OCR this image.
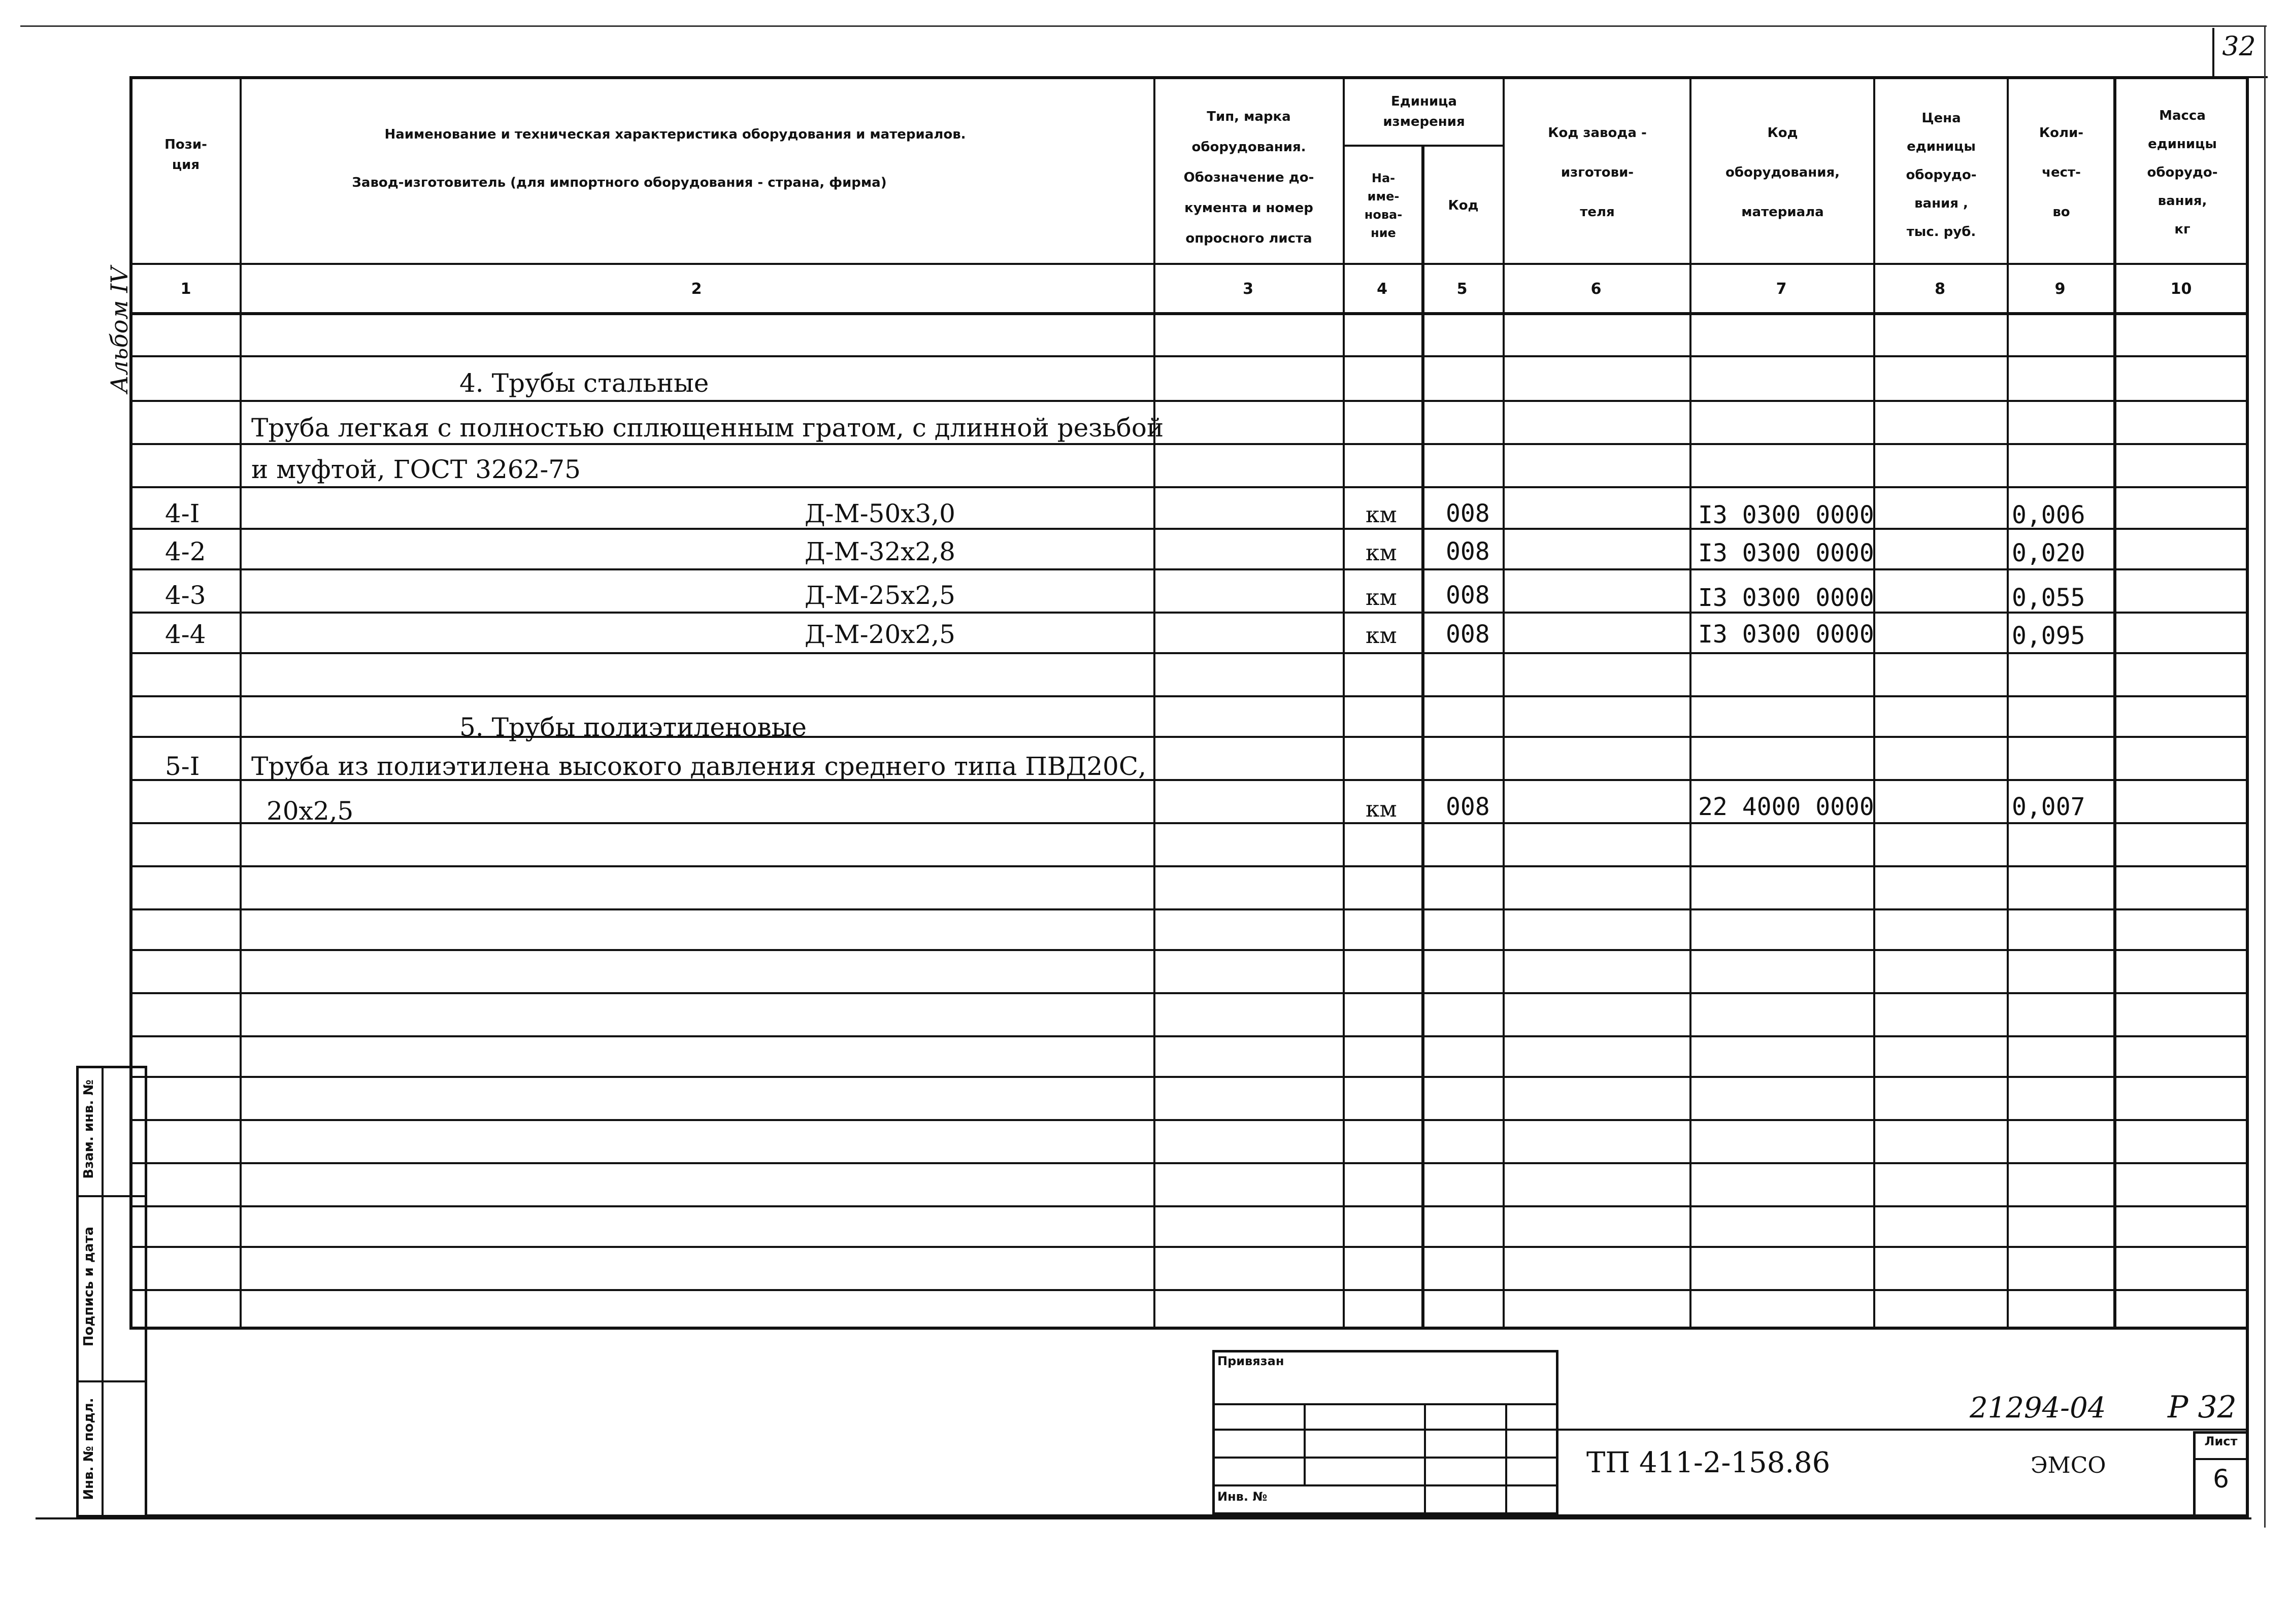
32
Альбом IV
Пози-
ция
Наименование и техническая характеристика оборудования и материалов.
Завод-изготовитель (для импортного оборудования - страна, фирма)
Тип, марка
оборудования.
Обозначение до-
кумента и номер
опросного листа
Единица
измерения
На-
име-
нова-
ние
Код
Код завода -
изготови-
теля
Код
оборудования,
материала
Цена
единицы
оборудо-
вания ,
тыс. руб.
Коли-
чест-
во
Масса
единицы
оборудо-
вания,
кг
1	2	3	4	5	6	7	8	9	10
4. Трубы стальные
Труба легкая с полностью сплющенным гратом, с длинной резьбой
и муфтой, ГОСТ 3262-75
4-I	Д-М-50х3,0	км 008	I3 0300 0000	0,006
4-2	Д-М-32х2,8	км 008	I3 0300 0000	0,020
4-3	Д-М-25х2,5	км 008	I3 0300 0000	0,055
4-4	Д-М-20х2,5	км 008	I3 0300 0000	0,095
5. Трубы полиэтиленовые
5-I Труба из полиэтилена высокого давления среднего типа ПВД20С,
20х2,5	км 008	22 4000 0000	0,007
Взам. инв. №
Подпись и дата
Инв. № подл.
Привязан
Инв. №
21294-04 Р 32
ТП 411-2-158.86	ЭМСО
Лист
6
